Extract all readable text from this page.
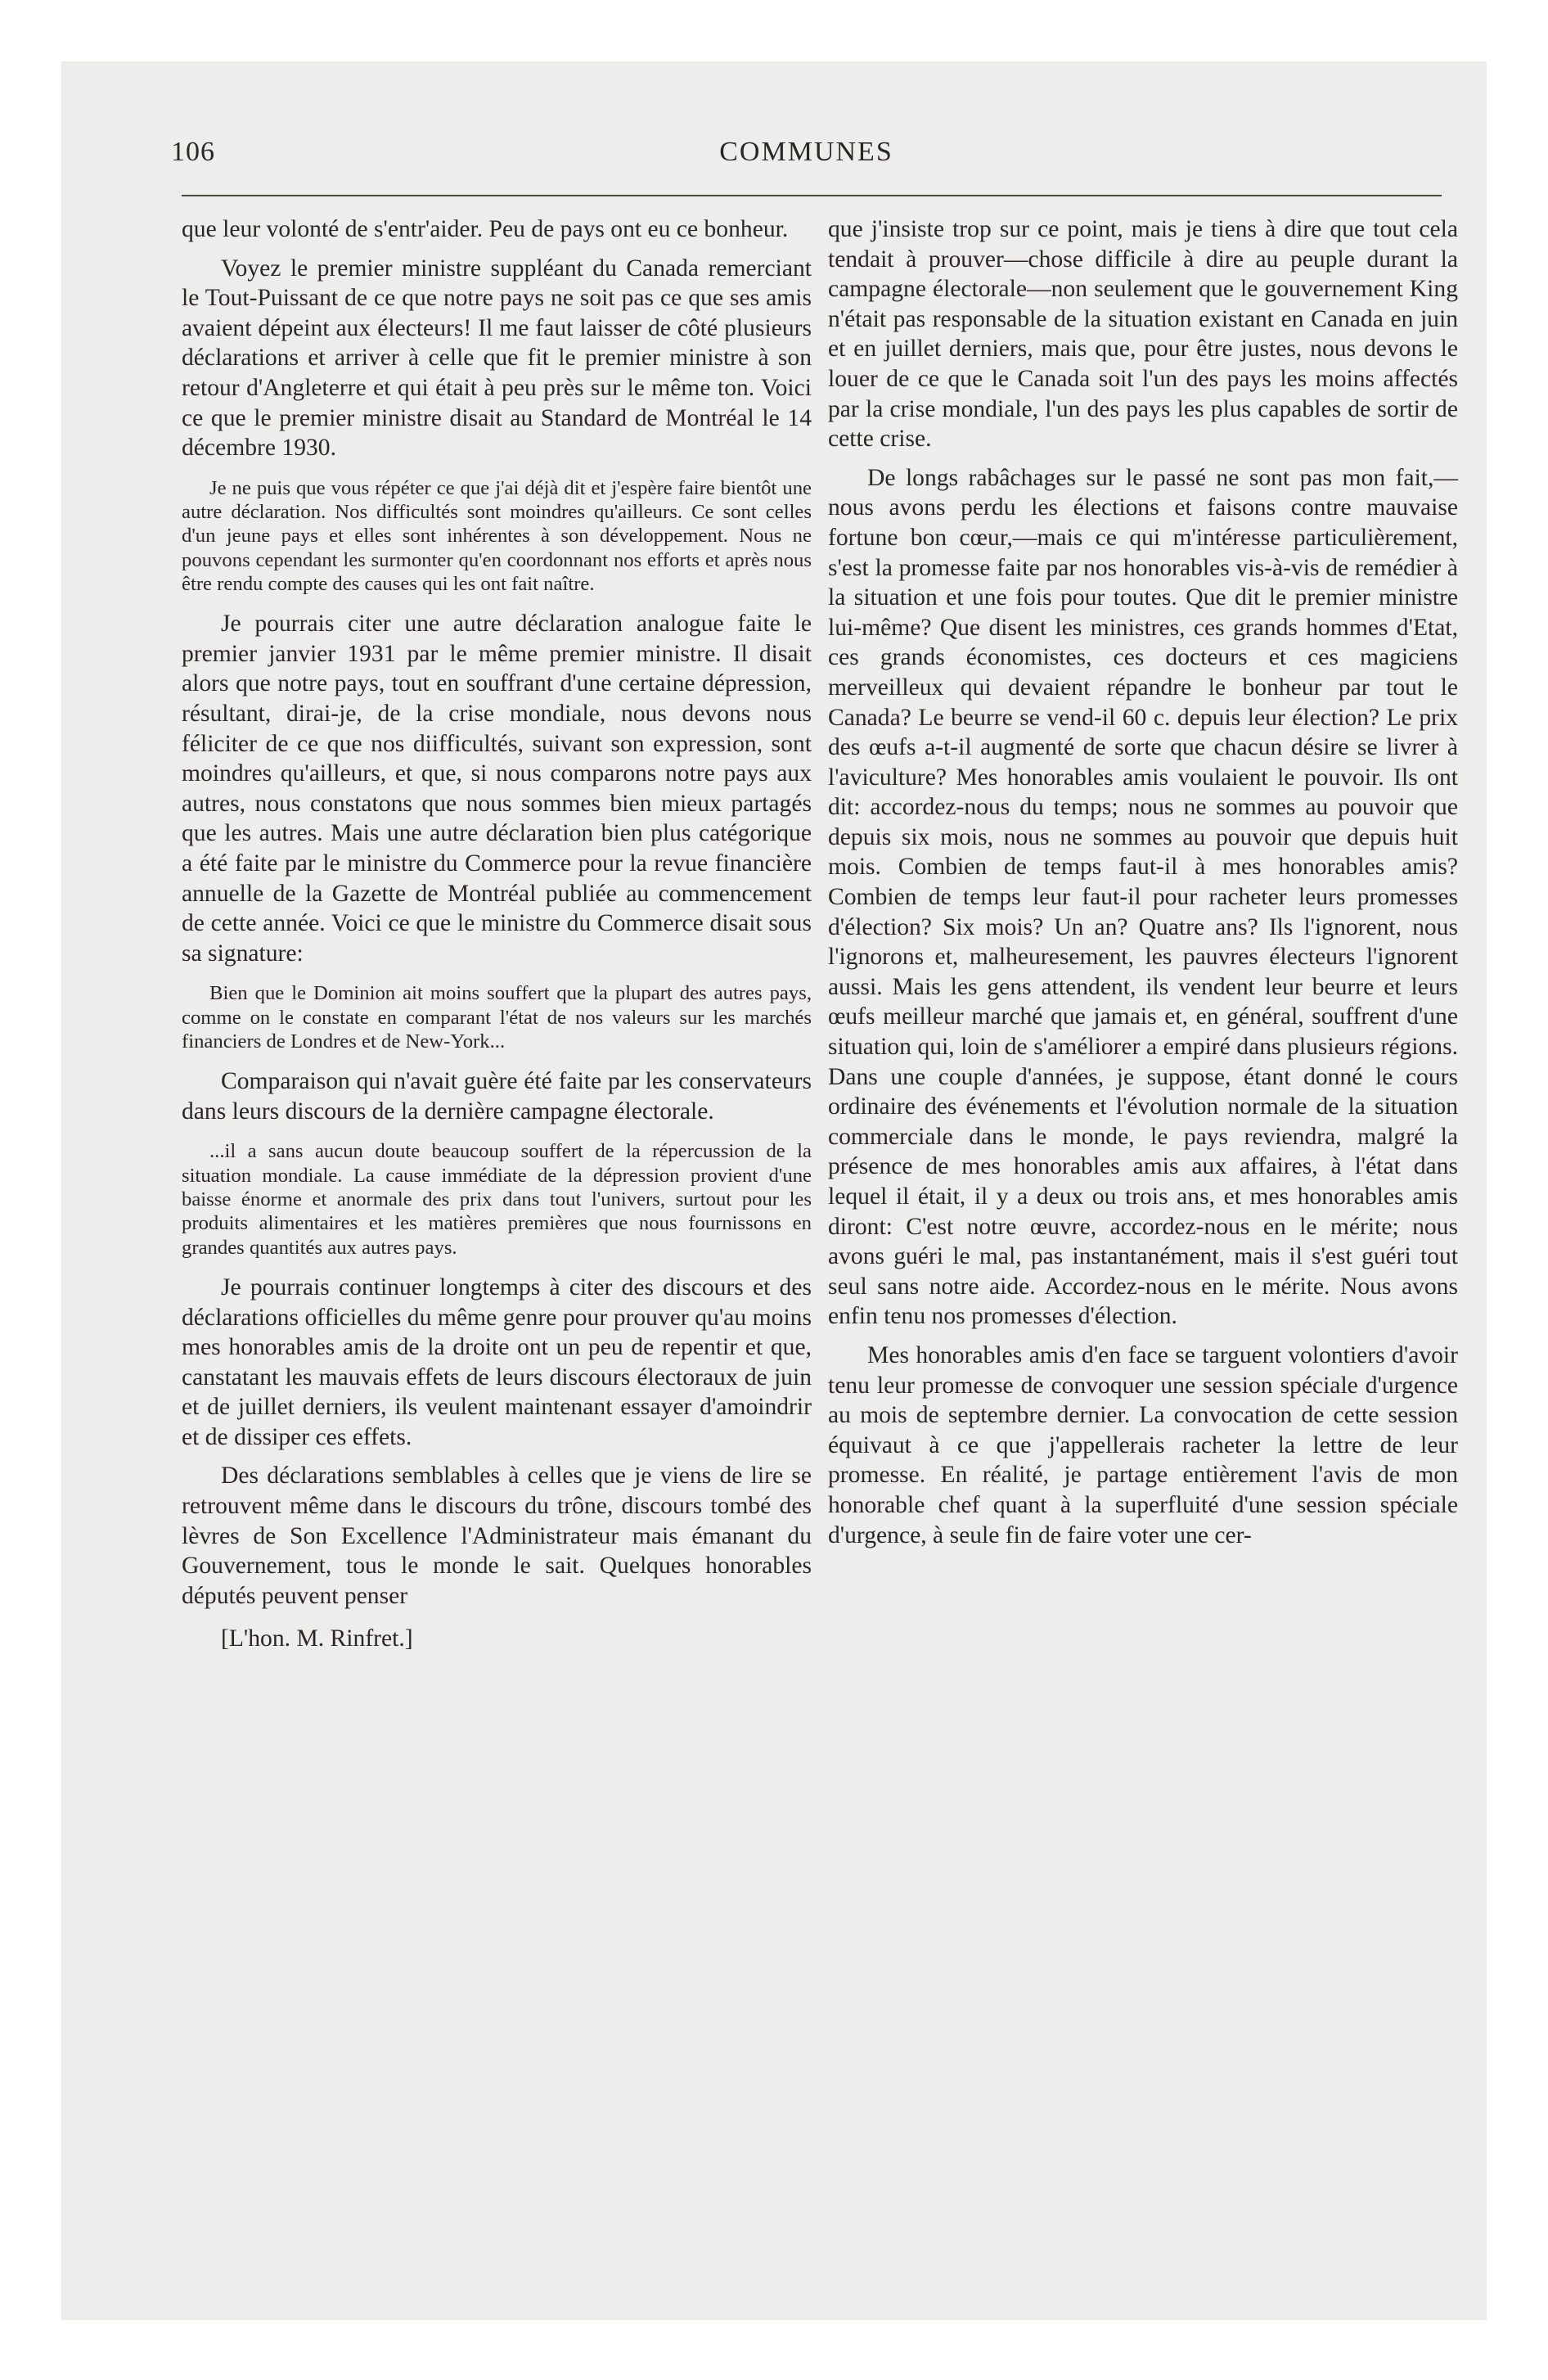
106	COMMUNES

que leur volonté de s'entr'aider. Peu de pays ont eu ce bonheur.

Voyez le premier ministre suppléant du Canada remerciant le Tout-Puissant de ce que notre pays ne soit pas ce que ses amis avaient dépeint aux électeurs! Il me faut laisser de côté plusieurs déclarations et arriver à celle que fit le premier ministre à son retour d'Angleterre et qui était à peu près sur le même ton. Voici ce que le premier ministre disait au Standard de Montréal le 14 décembre 1930.

Je ne puis que vous répéter ce que j'ai déjà dit et j'espère faire bientôt une autre déclaration. Nos difficultés sont moindres qu'ailleurs. Ce sont celles d'un jeune pays et elles sont inhérentes à son développement. Nous ne pouvons cependant les surmonter qu'en coordonnant nos efforts et après nous être rendu compte des causes qui les ont fait naître.

Je pourrais citer une autre déclaration analogue faite le premier janvier 1931 par le même premier ministre. Il disait alors que notre pays, tout en souffrant d'une certaine dépression, résultant, dirai-je, de la crise mondiale, nous devons nous féliciter de ce que nos diifficultés, suivant son expression, sont moindres qu'ailleurs, et que, si nous comparons notre pays aux autres, nous constatons que nous sommes bien mieux partagés que les autres. Mais une autre déclaration bien plus catégorique a été faite par le ministre du Commerce pour la revue financière annuelle de la Gazette de Montréal publiée au commencement de cette année. Voici ce que le ministre du Commerce disait sous sa signature:

Bien que le Dominion ait moins souffert que la plupart des autres pays, comme on le constate en comparant l'état de nos valeurs sur les marchés financiers de Londres et de New-York...

Comparaison qui n'avait guère été faite par les conservateurs dans leurs discours de la dernière campagne électorale.

...il a sans aucun doute beaucoup souffert de la répercussion de la situation mondiale. La cause immédiate de la dépression provient d'une baisse énorme et anormale des prix dans tout l'univers, surtout pour les produits alimentaires et les matières premières que nous fournissons en grandes quantités aux autres pays.

Je pourrais continuer longtemps à citer des discours et des déclarations officielles du même genre pour prouver qu'au moins mes honorables amis de la droite ont un peu de repentir et que, canstatant les mauvais effets de leurs discours électoraux de juin et de juillet derniers, ils veulent maintenant essayer d'amoindrir et de dissiper ces effets.

Des déclarations semblables à celles que je viens de lire se retrouvent même dans le discours du trône, discours tombé des lèvres de Son Excellence l'Administrateur mais émanant du Gouvernement, tous le monde le sait. Quelques honorables députés peuvent penser

[L'hon. M. Rinfret.]

que j'insiste trop sur ce point, mais je tiens à dire que tout cela tendait à prouver—chose difficile à dire au peuple durant la campagne électorale—non seulement que le gouvernement King n'était pas responsable de la situation existant en Canada en juin et en juillet derniers, mais que, pour être justes, nous devons le louer de ce que le Canada soit l'un des pays les moins affectés par la crise mondiale, l'un des pays les plus capables de sortir de cette crise.

De longs rabâchages sur le passé ne sont pas mon fait,—nous avons perdu les élections et faisons contre mauvaise fortune bon cœur,—mais ce qui m'intéresse particulièrement, s'est la promesse faite par nos honorables vis-à-vis de remédier à la situation et une fois pour toutes. Que dit le premier ministre lui-même? Que disent les ministres, ces grands hommes d'Etat, ces grands économistes, ces docteurs et ces magiciens merveilleux qui devaient répandre le bonheur par tout le Canada? Le beurre se vend-il 60 c. depuis leur élection? Le prix des œufs a-t-il augmenté de sorte que chacun désire se livrer à l'aviculture? Mes honorables amis voulaient le pouvoir. Ils ont dit: accordez-nous du temps; nous ne sommes au pouvoir que depuis six mois, nous ne sommes au pouvoir que depuis huit mois. Combien de temps faut-il à mes honorables amis? Combien de temps leur faut-il pour racheter leurs promesses d'élection? Six mois? Un an? Quatre ans? Ils l'ignorent, nous l'ignorons et, malheuresement, les pauvres électeurs l'ignorent aussi. Mais les gens attendent, ils vendent leur beurre et leurs œufs meilleur marché que jamais et, en général, souffrent d'une situation qui, loin de s'améliorer a empiré dans plusieurs régions. Dans une couple d'années, je suppose, étant donné le cours ordinaire des événements et l'évolution normale de la situation commerciale dans le monde, le pays reviendra, malgré la présence de mes honorables amis aux affaires, à l'état dans lequel il était, il y a deux ou trois ans, et mes honorables amis diront: C'est notre œuvre, accordez-nous en le mérite; nous avons guéri le mal, pas instantanément, mais il s'est guéri tout seul sans notre aide. Accordez-nous en le mérite. Nous avons enfin tenu nos promesses d'élection.

Mes honorables amis d'en face se targuent volontiers d'avoir tenu leur promesse de convoquer une session spéciale d'urgence au mois de septembre dernier. La convocation de cette session équivaut à ce que j'appellerais racheter la lettre de leur promesse. En réalité, je partage entièrement l'avis de mon honorable chef quant à la superfluité d'une session spéciale d'urgence, à seule fin de faire voter une cer-
